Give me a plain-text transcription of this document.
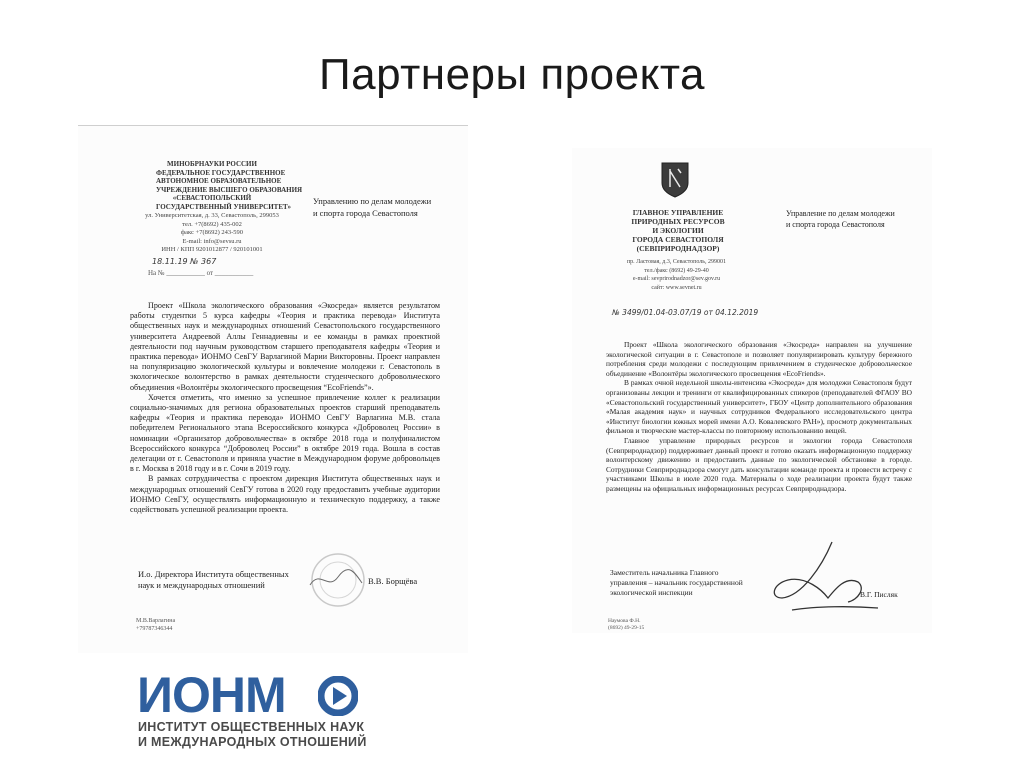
Партнеры проекта
МИНОБРНАУКИ РОССИИ
ФЕДЕРАЛЬНОЕ ГОСУДАРСТВЕННОЕ
АВТОНОМНОЕ ОБРАЗОВАТЕЛЬНОЕ
УЧРЕЖДЕНИЕ ВЫСШЕГО ОБРАЗОВАНИЯ
«СЕВАСТОПОЛЬСКИЙ
ГОСУДАРСТВЕННЫЙ УНИВЕРСИТЕТ»
ул. Университетская, д. 33, Севастополь, 299053
тел. +7(8692) 435-002
факс +7(8692) 243-590
E-mail: info@sevsu.ru
ИНН / КПП 9201012877 / 920101001
18.11.19 № 367
На № ___________ от ___________
Управлению по делам молодежи
и спорта города Севастополя

Проект «Школа экологического образования «Экосреда» является результатом работы студентки 5 курса кафедры «Теория и практика перевода» Института общественных наук и международных отношений Севастопольского государственного университета Андреевой Аллы Геннадиевны и ее команды в рамках проектной деятельности под научным руководством старшего преподавателя кафедры «Теория и практика перевода» ИОНМО СевГУ Варлагиной Марии Викторовны. Проект направлен на популяризацию экологической культуры и вовлечение молодежи г. Севастополь в экологическое волонтерство в рамках деятельности студенческого добровольческого объединения «Волонтёры экологического просвещения “EcoFriends”».

Хочется отметить, что именно за успешное привлечение коллег к реализации социально-значимых для региона образовательных проектов старший преподаватель кафедры «Теория и практика перевода» ИОНМО СевГУ Варлагина М.В. стала победителем Регионального этапа Всероссийского конкурса «Доброволец России» в номинации «Организатор добровольчества» в октябре 2018 года и полуфиналистом Всероссийского конкурса “Доброволец России” в октябре 2019 года. Вошла в состав делегации от г. Севастополя и приняла участие в Международном форуме добровольцев в г. Москва в 2018 году и в г. Сочи в 2019 году.

В рамках сотрудничества с проектом дирекция Института общественных наук и международных отношений СевГУ готова в 2020 году предоставить учебные аудитории ИОНМО СевГУ, осуществлять информационную и техническую поддержку, а также содействовать успешной реализации проекта.

И.о. Директора Института общественных
наук и международных отношений	В.В. Борщёва
М.В.Варлагина
+79787346344
ГЛАВНОЕ УПРАВЛЕНИЕ
ПРИРОДНЫХ РЕСУРСОВ
И ЭКОЛОГИИ
ГОРОДА СЕВАСТОПОЛЯ
(СЕВПРИРОДНАДЗОР)
пр. Ластовая, д.3, Севастополь, 299001
тел./факс (8692) 49-29-40
e-mail: sevprirodnadzor@sev.gov.ru
сайт: www.sevnet.ru
№ 3499/01.04-03.07/19 от 04.12.2019
Управление по делам молодежи
и спорта города Севастополя

Проект «Школа экологического образования «Экосреда» направлен на улучшение экологической ситуации в г. Севастополе и позволяет популяризировать культуру бережного потребления среди молодежи с последующим привлечением в студенческое добровольческое объединение «Волонтёры экологического просвещения «EcoFriends».

В рамках очной недельной школы-интенсива «Экосреда» для молодежи Севастополя будут организованы лекции и тренинги от квалифицированных спикеров (преподавателей ФГАОУ ВО «Севастопольский государственный университет», ГБОУ «Центр дополнительного образования «Малая академия наук» и научных сотрудников Федерального исследовательского центра «Институт биологии южных морей имени А.О. Ковалевского РАН»), просмотр документальных фильмов и творческие мастер-классы по повторному использованию вещей.

Главное управление природных ресурсов и экологии города Севастополя (Севприроднадзор) поддерживает данный проект и готово оказать информационную поддержку волонтерскому движению и предоставить данные по экологической обстановке в городе. Сотрудники Севприроднадзора смогут дать консультации команде проекта и провести встречу с участниками Школы в июле 2020 года. Материалы о ходе реализации проекта будут также размещены на официальных информационных ресурсах Севприроднадзора.

Заместитель начальника Главного
управления – начальник государственной
экологической инспекции	В.Г. Писляк
Наумова Ф.Н.
(8692) 49-29-15
ИОНМ
ИНСТИТУТ ОБЩЕСТВЕННЫХ НАУК
И МЕЖДУНАРОДНЫХ ОТНОШЕНИЙ
